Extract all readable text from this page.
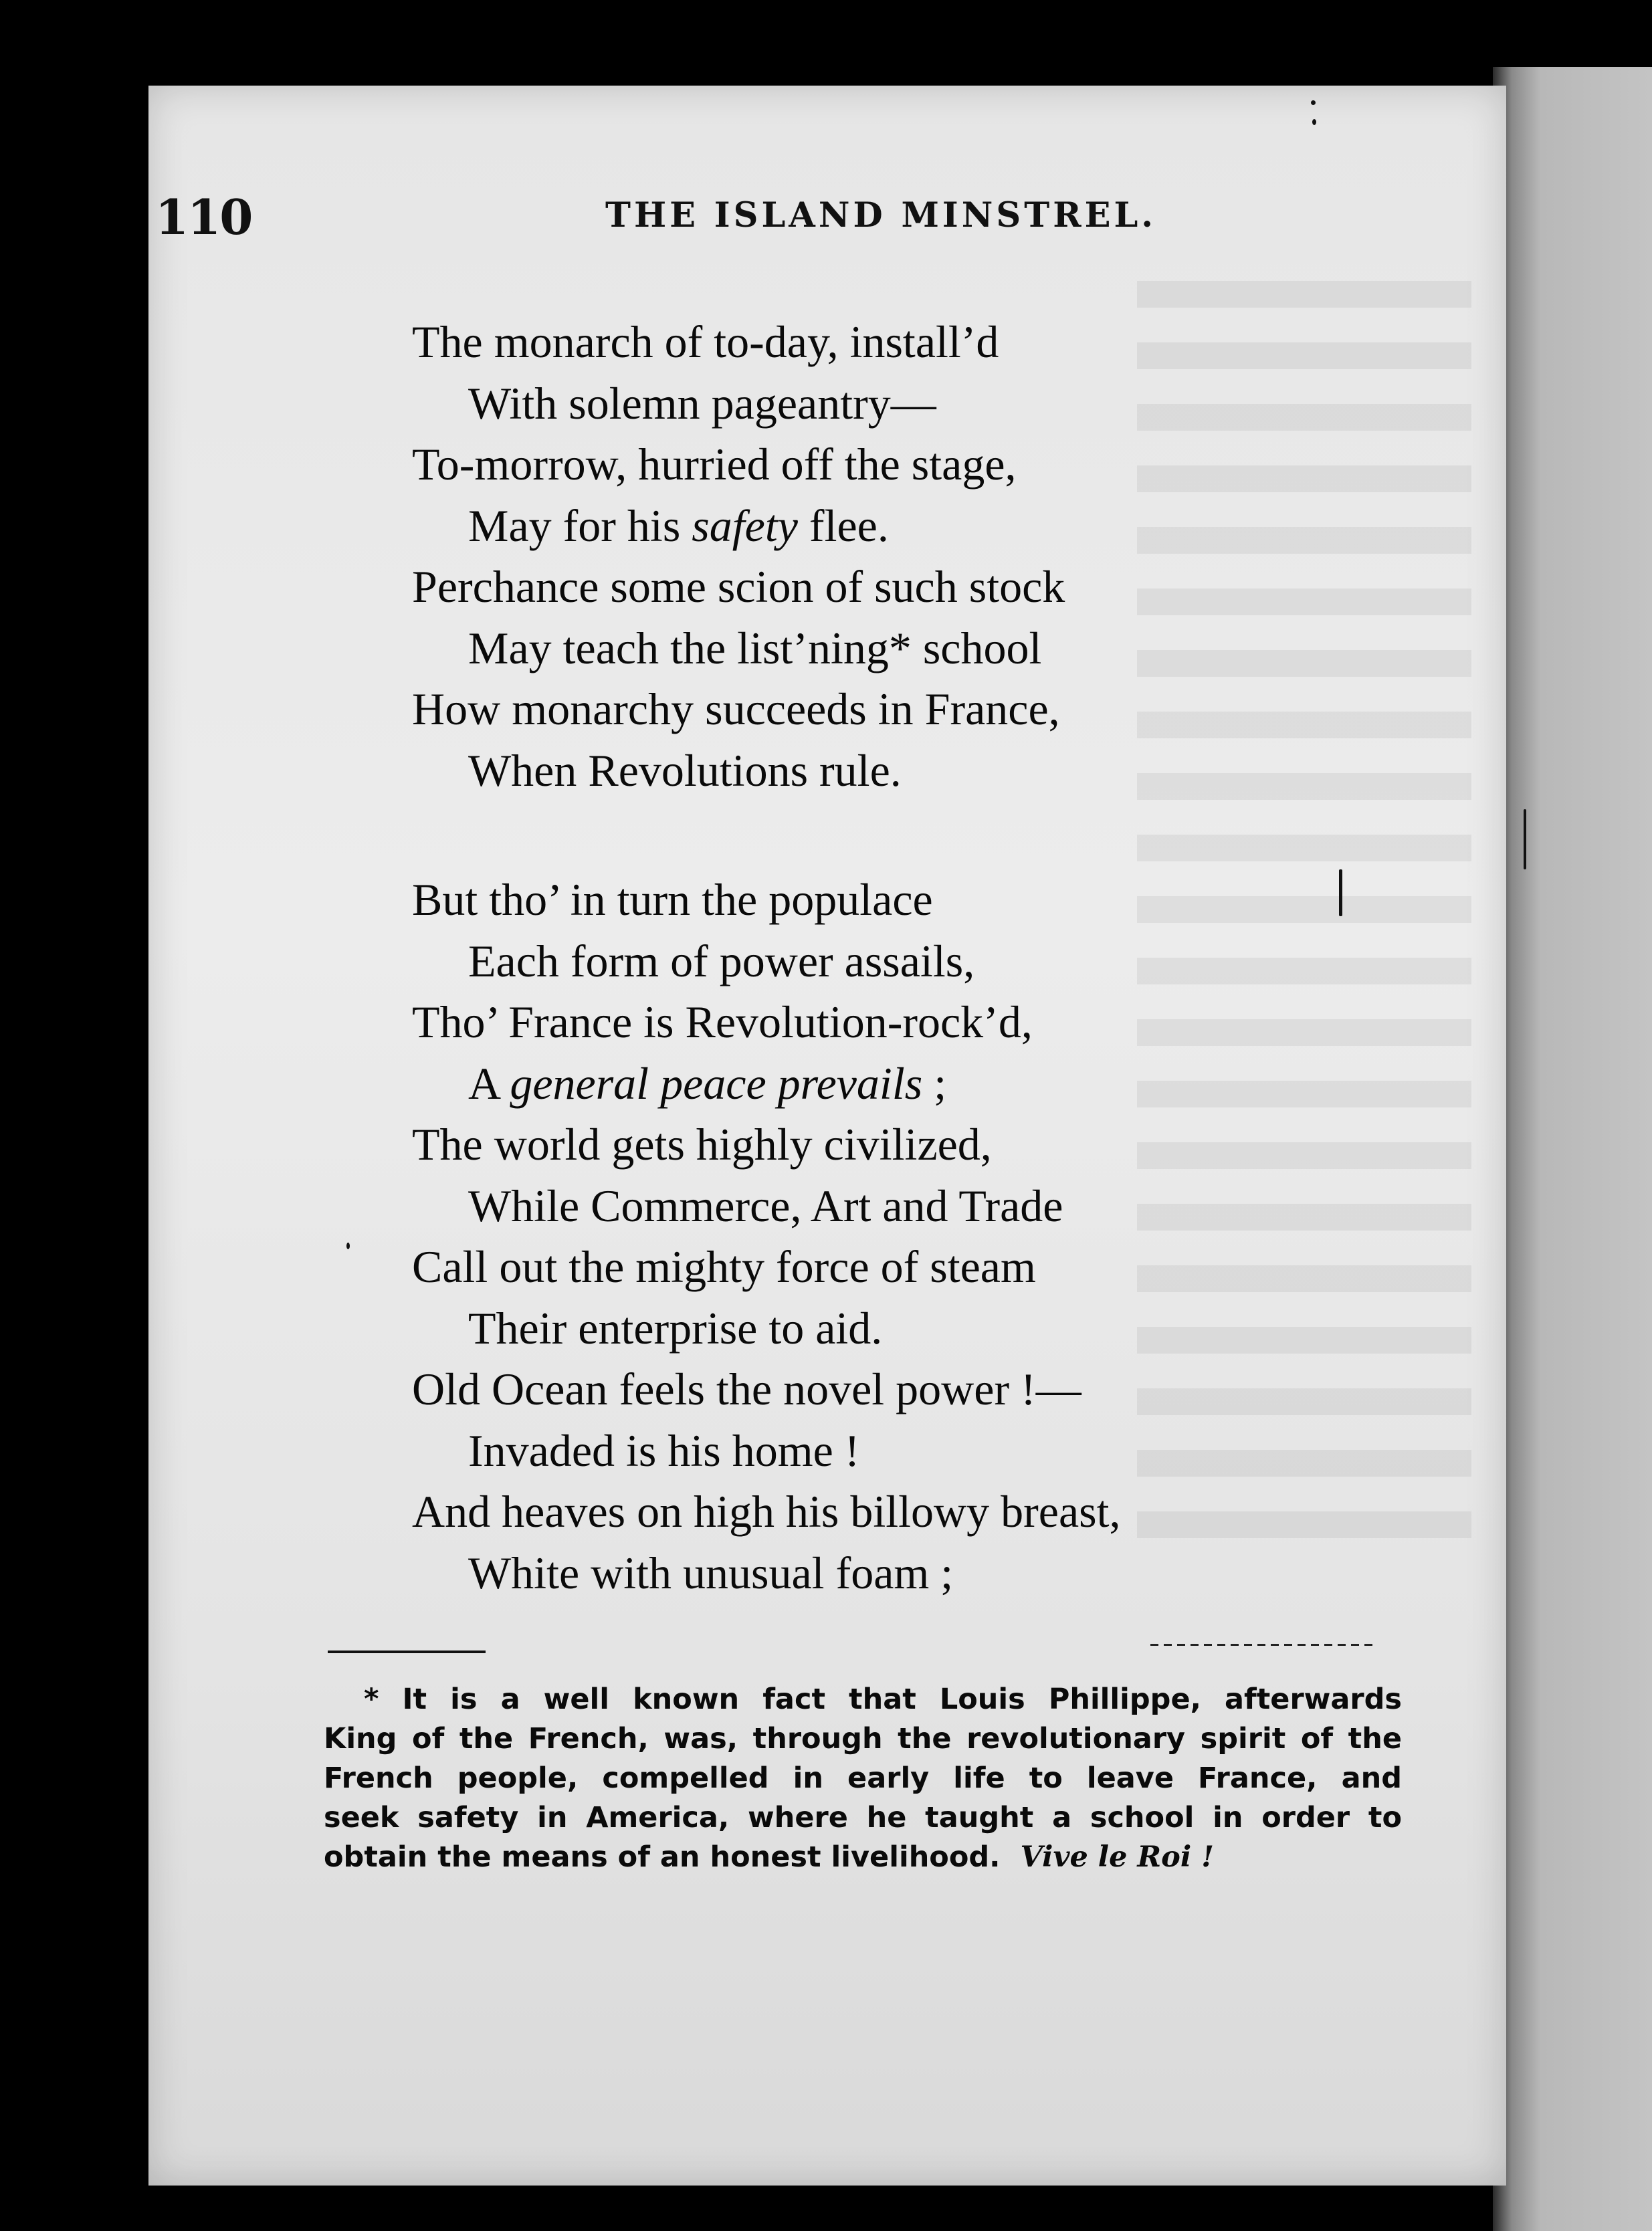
110	THE ISLAND MINSTREL.
The monarch of to-day, install’d
With solemn pageantry—
To-morrow, hurried off the stage,
May for his safety flee.
Perchance some scion of such stock
May teach the list’ning* school
How monarchy succeeds in France,
When Revolutions rule.
But tho’ in turn the populace
Each form of power assails,
Tho’ France is Revolution-rock’d,
A general peace prevails ;
The world gets highly civilized,
While Commerce, Art and Trade
Call out the mighty force of steam
Their enterprise to aid.
Old Ocean feels the novel power !—
Invaded is his home !
And heaves on high his billowy breast,
White with unusual foam ;
* It is a well known fact that Louis Phillippe, afterwards
King of the French, was, through the revolutionary spirit of the
French people, compelled in early life to leave France, and
seek safety in America, where he taught a school in order to
obtain the means of an honest livelihood. Vive le Roi !
